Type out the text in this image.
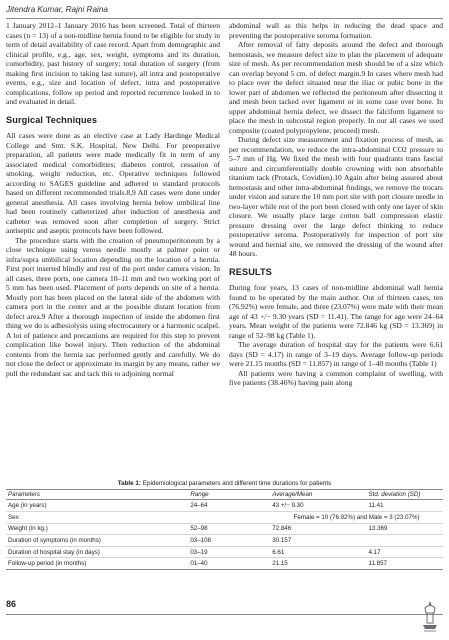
Jitendra Kumar, Rajni Raina

1 January 2012–1 January 2016 has been screened. Total of thirteen cases (n = 13) of a non-midline hernia found to be eligible for study in term of detail availability of case record. Apart from demographic and clinical profile, e.g., age, sex, weight, symptoms and its duration, comorbidity, past history of surgery; total duration of surgery (from making first incision to taking last suture), all intra and postoperative events, e.g., size and location of defect, intra and postoperative complications, follow up period and reported recurrence looked in to and evaluated in detail.

Surgical Techniques

All cases were done as an elective case at Lady Hardinge Medical College and Smt. S.K. Hospital, New Delhi. For preoperative preparation, all patients were made medically fit in term of any associated medical comorbidities; diabetes control, cessation of smoking, weight reduction, etc. Operative techniques followed according to SAGES guideline and adhered to standard protocols based on different recommended trials.8,9 All cases were done under general anesthesia. All cases involving hernia below umbilical line had been routinely catheterized after induction of anesthesia and catheter was removed soon after completion of surgery. Strict antiseptic and aseptic protocols have been followed.

The procedure starts with the creation of pneumoperitoneum by a close technique using veress needle mostly at palmer point or infra/supra umbilical location depending on the location of a hernia. First port inserted blindly and rest of the port under camera vision. In all cases, three ports, one camera 10–11 mm and two working port of 5 mm has been used. Placement of ports depends on site of a hernia. Mostly port has been placed on the lateral side of the abdomen with camera port in the center and at the possible distant location from defect area.9 After a thorough inspection of inside the abdomen first thing we do is adhesiolysis using electrocautery or a harmonic scalpel. A lot of patience and precautions are required for this step to prevent complication like bowel injury. Then reduction of the abdominal contents from the hernia sac performed gently and carefully. We do not close the defect or approximate its margin by any means, rather we pull the redundant sac and tack this to adjoining normal

abdominal wall as this helps in reducing the dead space and preventing the postoperative seroma formation.

After removal of fatty deposits around the defect and thorough hemostasis, we measure defect size to plan the placement of adequate size of mesh. As per recommendation mesh should be of a size which can overlap beyond 5 cm. of defect margin.9 In cases where mesh had to place over the defect situated near the iliac or pubic bone in the lower part of abdomen we reflected the peritoneum after dissecting it and mesh been tacked over ligament or in some case over bone. In upper abdominal hernia defect, we dissect the falciform ligament to place the mesh in subcostal region properly. In our all cases we used composite (coated polypropylene, proceed) mesh.

During defect size measurement and fixation process of mesh, as per recommendation, we reduce the intra-abdominal CO2 pressure to 5–7 mm of Hg. We fixed the mesh with four quadrants trans fascial suture and circumferentially double crowning with non absorbable titanium tack (Protack, Covidien).10 Again after being assured about hemostasis and other intra-abdominal findings, we remove the trocars under vision and suture the 10 mm port site with port closure needle in two-layer while rest of the port been closed with only one layer of skin closure. We usually place large cotton ball compression elastic pressure dressing over the large defect thinking to reduce postoperative seroma. Postoperatively for inspection of port site wound and hernial site, we removed the dressing of the wound after 48 hours.

RESULTS

During four years, 13 cases of non-midline abdominal wall hernia found to be operated by the main author. Out of thirteen cases, ten (76.92%) were female, and three (23.07%) were male with their mean age of 43 +/− 9.30 years (SD = 11.41). The range for age were 24–64 years. Mean weight of the patients were 72.846 kg (SD = 13.369) in range of 52–98 kg (Table 1).

The average duration of hospital stay for the patients were 6.61 days (SD = 4.17) in range of 3–19 days. Average follow-up periods were 21.15 months (SD = 11.857) in range of 1–40 months (Table 1)

All patients were having a common complaint of swelling, with five patients (38.46%) having pain along

Table 1: Epidemiological parameters and different time durations for patients
Parameters	Range	Average/Mean	Std. deviation (SD)
Age (in years)	24–64	43 +/− 9.30	11.41
Sex		Female = 10 (76.92%) and Male = 3 (23.07%)	
Weight (in kg.)	52–98	72.846	13.369
Duration of symptoms (in months)	03–108	30.157	
Duration of hospital stay (in days)	03–19	6.61	4.17
Follow-up period (in months)	01–40	21.15	11.857
86
